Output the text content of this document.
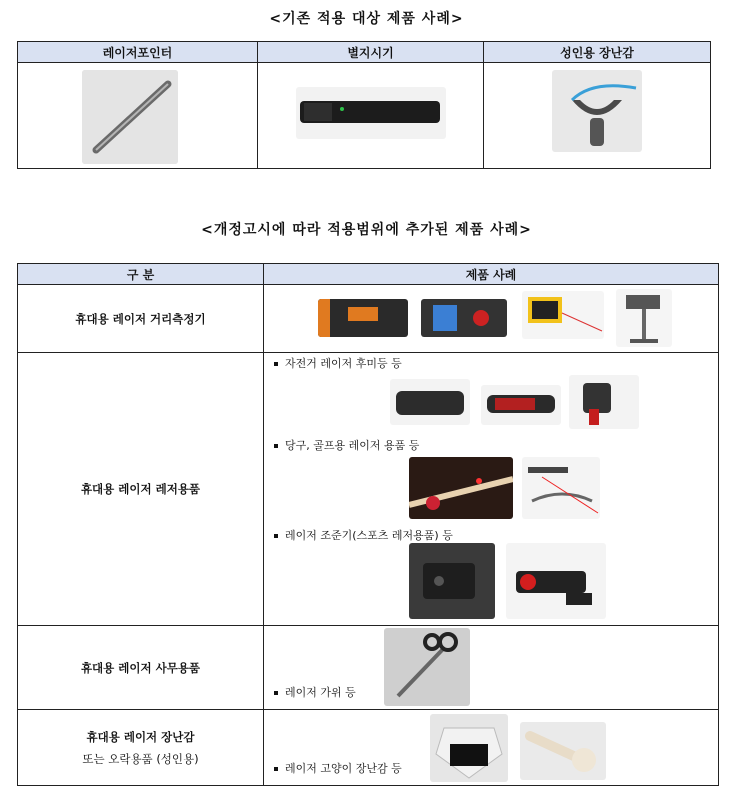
<기존 적용 대상 제품 사례>
레이저포인터	별지시기	성인용 장난감

<개정고시에 따라 적용범위에 추가된 제품 사례>
구 분	제품 사례
휴대용 레이저 거리측정기	

휴대용 레이저 레저용품	자전거 레이저 후미등 등
당구, 골프용 레이저 용품 등
레이저 조준기(스포츠 레저용품) 등

휴대용 레이저 사무용품	레이저 가위 등

휴대용 레이저 장난감
또는 오락용품 (성인용)	레이저 고양이 장난감 등
